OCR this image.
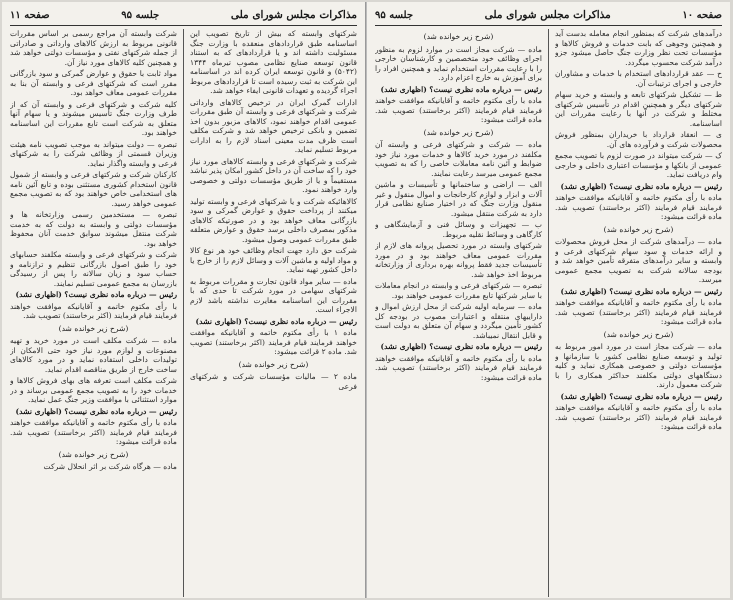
مذاکرات مجلس شورای ملی
جلسه ۹۵
صفحه ۱۱
شرکتهای وابسته که بیش از تاریخ تصویب این اساسنامه طبق قراردادهای منعقده با وزارت جنگ مسئولیت داشته اند و یا قراردادهای که به استناد قانون توسعه صنایع نظامی مصوب تیرماه ۱۳۴۴ (۵۰۴۲) و قانون توسعه ایران کرده اند در اساسنامه این شرکت به ثبت رسیده است تا قراردادهای مربوط اجراء گردیده و تعهدات قانونی ایفاء خواهد شد.
ادارات گمرک ایران در ترخیص کالاهای وارداتی شرکت و شرکتهای فرعی و وابسته آن طبق مقررات عمومی اقدام خواهند نمود، کالاهای مزبور بدون اخذ تضمین و بانکی ترخیص خواهد شد و شرکت مکلف است ظرف مدت معینی اسناد لازم را به ادارات مربوط تسلیم نماید.
شرکت و شرکتهای فرعی و وابسته کالاهای مورد نیاز خود را که ساخت آن در داخل کشور امکان پذیر نباشد مستقیماً و یا از طریق مؤسسات دولتی و خصوصی وارد خواهند نمود.
کالاهائیکه شرکت و یا شرکتهای فرعی و وابسته تولید میکنند از پرداخت حقوق و عوارض گمرکی و سود بازرگانی معاف خواهد بود و در صورتیکه کالاهای مذکور بمصرف داخلی برسد حقوق و عوارض متعلقه طبق مقررات عمومی وصول میشود.
شرکت حق دارد جهت انجام وظائف خود هر نوع کالا و مواد اولیه و ماشین آلات و وسائل لازم را از خارج یا داخل کشور تهیه نماید.
ماده — سایر مواد قانون تجارت و مقررات مربوط به شرکتهای سهامی در مورد شرکت تا حدی که با مقررات این اساسنامه مغایرت نداشته باشد لازم الاجراء است.
رئیس — درباره ماده نظری نیست؟ (اظهاری نشد)
ماده ۱ با رأی مکتوم خاتمه و آقایانیکه موافقت خواهند فرمایند قیام فرمایند (اکثر برخاستند) تصویب شد. ماده ۲ قرائت میشود:
(شرح زیر خوانده شد)
ماده ۲ — مالیات مؤسسات شرکت و شرکتهای فرعی
شرکت وابسته آن مراجع رسمی بر اساس مقررات قانونی مربوط به ارزش کالاهای وارداتی و صادراتی از جمله شرکتهای نفتی و مؤسسات دولتی خواهد شد و همچنین کلیه کالاهای مورد نیاز آن.
مواد ثابت با حقوق و عوارض گمرکی و سود بازرگانی مقرر است که شرکتهای فرعی و وابسته آن بنا به مقررات عمومی معاف خواهد بود.
کلیه شرکت و شرکتهای فرعی و وابسته آن که از طرف وزارت جنگ تأسیس میشوند و یا سهام آنها متعلق به شرکت است تابع مقررات این اساسنامه خواهند بود.
تبصره — دولت میتواند به موجب تصویب نامه هیئت وزیران قسمتی از وظائف شرکت را به شرکتهای فرعی و وابسته واگذار نماید.
کارکنان شرکت و شرکتهای فرعی و وابسته از شمول قانون استخدام کشوری مستثنی بوده و تابع آئین نامه های استخدامی خاص خواهند بود که به تصویب مجمع عمومی خواهد رسید.
تبصره — مستخدمین رسمی وزارتخانه ها و مؤسسات دولتی و وابسته به دولت که به خدمت شرکت منتقل میشوند سوابق خدمت آنان محفوظ خواهد بود.
شرکت و شرکتهای فرعی و وابسته مکلفند حسابهای خود را طبق اصول بازرگانی تنظیم و ترازنامه و حساب سود و زیان سالانه را پس از رسیدگی بازرسان به مجمع عمومی تسلیم نمایند.
رئیس — درباره ماده نظری نیست؟ (اظهاری نشد)
با رأی مکتوم خاتمه و آقایانیکه موافقت خواهند فرمایند قیام فرمایند (اکثر برخاستند) تصویب شد.
(شرح زیر خوانده شد)
ماده — شرکت مکلف است در مورد خرید و تهیه مصنوعات و لوازم مورد نیاز خود حتی الامکان از تولیدات داخلی استفاده نماید و در مورد کالاهای ساخت خارج از طریق مناقصه اقدام نماید.
شرکت مکلف است تعرفه های بهای فروش کالاها و خدمات خود را به تصویب مجمع عمومی برساند و در موارد استثنائی با موافقت وزیر جنگ عمل نماید.
رئیس — درباره ماده نظری نیست؟ (اظهاری نشد)
ماده با رأی مکتوم خاتمه و آقایانیکه موافقت خواهند فرمایند قیام فرمایند (اکثر برخاستند) تصویب شد. ماده قرائت میشود:
(شرح زیر خوانده شد)
ماده — هرگاه شرکت بر اثر انحلال شرکت
صفحه ۱۰
مذاکرات مجلس شورای ملی
جلسه ۹۵
درآمدهای شرکت که بمنظور انجام معامله بدست آید و همچنین وجوهی که بابت خدمات و فروش کالاها و مؤسسات تحت نظر وزارت جنگ حاصل میشود جزو درآمد شرکت محسوب میگردد.
ح — عقد قراردادهای استخدام با خدمات و مشاوران خارجی و اجرای ترتیبات آن.
ط — تشکیل شرکتهای تابعه و وابسته و خرید سهام شرکتهای دیگر و همچنین اقدام در تأسیس شرکتهای مختلط و شرکت در آنها با رعایت مقررات این اساسنامه.
ی — انعقاد قرارداد با خریداران بمنظور فروش محصولات شرکت و فرآورده های آن.
ک — شرکت میتواند در صورت لزوم با تصویب مجمع عمومی از بانکها و مؤسسات اعتباری داخلی و خارجی وام دریافت نماید.
رئیس — درباره ماده نظری نیست؟ (اظهاری نشد)
ماده با رأی مکتوم خاتمه و آقایانیکه موافقت خواهند فرمایند قیام فرمایند (اکثر برخاستند) تصویب شد. ماده قرائت میشود:
(شرح زیر خوانده شد)
ماده — درآمدهای شرکت از محل فروش محصولات و ارائه خدمات و سود سهام شرکتهای فرعی و وابسته و سایر درآمدهای متفرقه تأمین خواهد شد و بودجه سالانه شرکت به تصویب مجمع عمومی میرسد.
رئیس — درباره ماده نظری نیست؟ (اظهاری نشد)
ماده با رأی مکتوم خاتمه و آقایانیکه موافقت خواهند فرمایند قیام فرمایند (اکثر برخاستند) تصویب شد. ماده قرائت میشود:
(شرح زیر خوانده شد)
ماده — شرکت مجاز است در مورد امور مربوط به تولید و توسعه صنایع نظامی کشور با سازمانها و مؤسسات دولتی و خصوصی همکاری نماید و کلیه دستگاههای دولتی مکلفند حداکثر همکاری را با شرکت معمول دارند.
رئیس — درباره ماده نظری نیست؟ (اظهاری نشد)
ماده با رأی مکتوم خاتمه و آقایانیکه موافقت خواهند فرمایند قیام فرمایند (اکثر برخاستند) تصویب شد. ماده قرائت میشود:
(شرح زیر خوانده شد)
ماده — شرکت مجاز است در موارد لزوم به منظور اجرای وظائف خود متخصصین و کارشناسان خارجی را با رعایت مقررات استخدام نماید و همچنین افراد را برای آموزش به خارج اعزام دارد.
رئیس — درباره ماده نظری نیست؟ (اظهاری نشد)
ماده با رأی مکتوم خاتمه و آقایانیکه موافقت خواهند فرمایند قیام فرمایند (اکثر برخاستند) تصویب شد. ماده قرائت میشود:
(شرح زیر خوانده شد)
ماده — شرکت و شرکتهای فرعی و وابسته آن مکلفند در مورد خرید کالاها و خدمات مورد نیاز خود ضوابط و آئین نامه معاملات خاصی را که به تصویب مجمع عمومی میرسد رعایت نمایند.
الف — اراضی و ساختمانها و تأسیسات و ماشین آلات و ابزار و لوازم کارخانجات و اموال منقول و غیر منقول وزارت جنگ که در اختیار صنایع نظامی قرار دارد به شرکت منتقل میشود.
ب — تجهیزات و وسائل فنی و آزمایشگاهی و کارگاهی و وسائط نقلیه مربوط.
شرکتهای وابسته در مورد تحصیل پروانه های لازم از مقررات عمومی معاف خواهند بود و در مورد تأسیسات جدید فقط پروانه بهره برداری از وزارتخانه مربوط اخذ خواهد شد.
تبصره — شرکتهای فرعی و وابسته در انجام معاملات با سایر شرکتها تابع مقررات عمومی خواهند بود.
ماده — سرمایه اولیه شرکت از محل ارزش اموال و داراییهای منتقله و اعتبارات مصوب در بودجه کل کشور تأمین میگردد و سهام آن متعلق به دولت است و قابل انتقال نمیباشد.
رئیس — درباره ماده نظری نیست؟ (اظهاری نشد)
ماده با رأی مکتوم خاتمه و آقایانیکه موافقت خواهند فرمایند قیام فرمایند (اکثر برخاستند) تصویب شد. ماده قرائت میشود:
